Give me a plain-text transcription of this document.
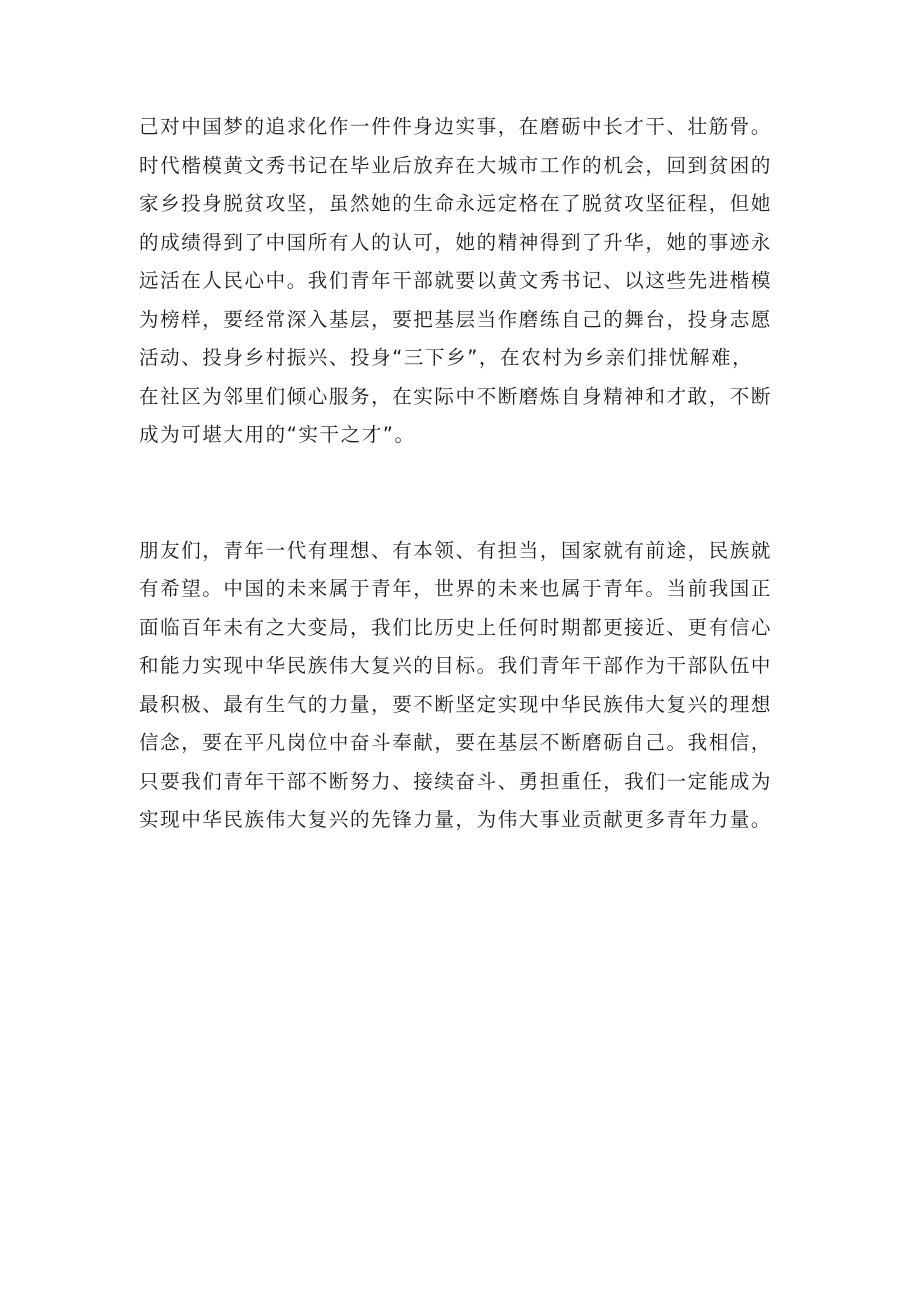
己对中国梦的追求化作一件件身边实事，在磨砺中长才干、壮筋骨。
时代楷模黄文秀书记在毕业后放弃在大城市工作的机会，回到贫困的
家乡投身脱贫攻坚，虽然她的生命永远定格在了脱贫攻坚征程，但她
的成绩得到了中国所有人的认可，她的精神得到了升华，她的事迹永
远活在人民心中。我们青年干部就要以黄文秀书记、以这些先进楷模
为榜样，要经常深入基层，要把基层当作磨练自己的舞台，投身志愿
活动、投身乡村振兴、投身“三下乡”，在农村为乡亲们排忧解难，
在社区为邻里们倾心服务，在实际中不断磨炼自身精神和才敢，不断
成为可堪大用的“实干之才”。
朋友们，青年一代有理想、有本领、有担当，国家就有前途，民族就
有希望。中国的未来属于青年，世界的未来也属于青年。当前我国正
面临百年未有之大变局，我们比历史上任何时期都更接近、更有信心
和能力实现中华民族伟大复兴的目标。我们青年干部作为干部队伍中
最积极、最有生气的力量，要不断坚定实现中华民族伟大复兴的理想
信念，要在平凡岗位中奋斗奉献，要在基层不断磨砺自己。我相信，
只要我们青年干部不断努力、接续奋斗、勇担重任，我们一定能成为
实现中华民族伟大复兴的先锋力量，为伟大事业贡献更多青年力量。
